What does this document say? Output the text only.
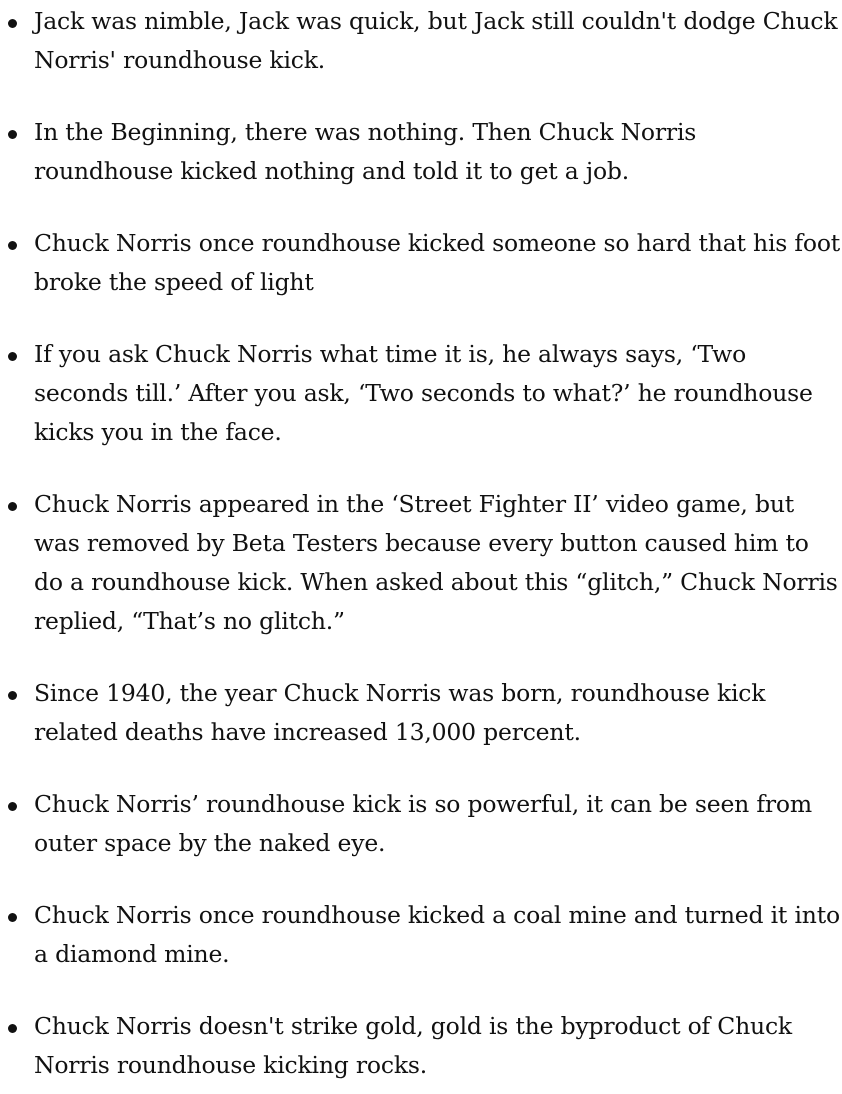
Jack was nimble, Jack was quick, but Jack still couldn't dodge Chuck Norris' roundhouse kick.
In the Beginning, there was nothing. Then Chuck Norris roundhouse kicked nothing and told it to get a job.
Chuck Norris once roundhouse kicked someone so hard that his foot broke the speed of light
If you ask Chuck Norris what time it is, he always says, ‘Two seconds till.’ After you ask, ‘Two seconds to what?’ he roundhouse kicks you in the face.
Chuck Norris appeared in the ‘Street Fighter II’ video game, but was removed by Beta Testers because every button caused him to do a roundhouse kick. When asked about this “glitch,” Chuck Norris replied, “That’s no glitch.”
Since 1940, the year Chuck Norris was born, roundhouse kick related deaths have increased 13,000 percent.
Chuck Norris’ roundhouse kick is so powerful, it can be seen from outer space by the naked eye.
Chuck Norris once roundhouse kicked a coal mine and turned it into a diamond mine.
Chuck Norris doesn't strike gold, gold is the byproduct of Chuck Norris roundhouse kicking rocks.
